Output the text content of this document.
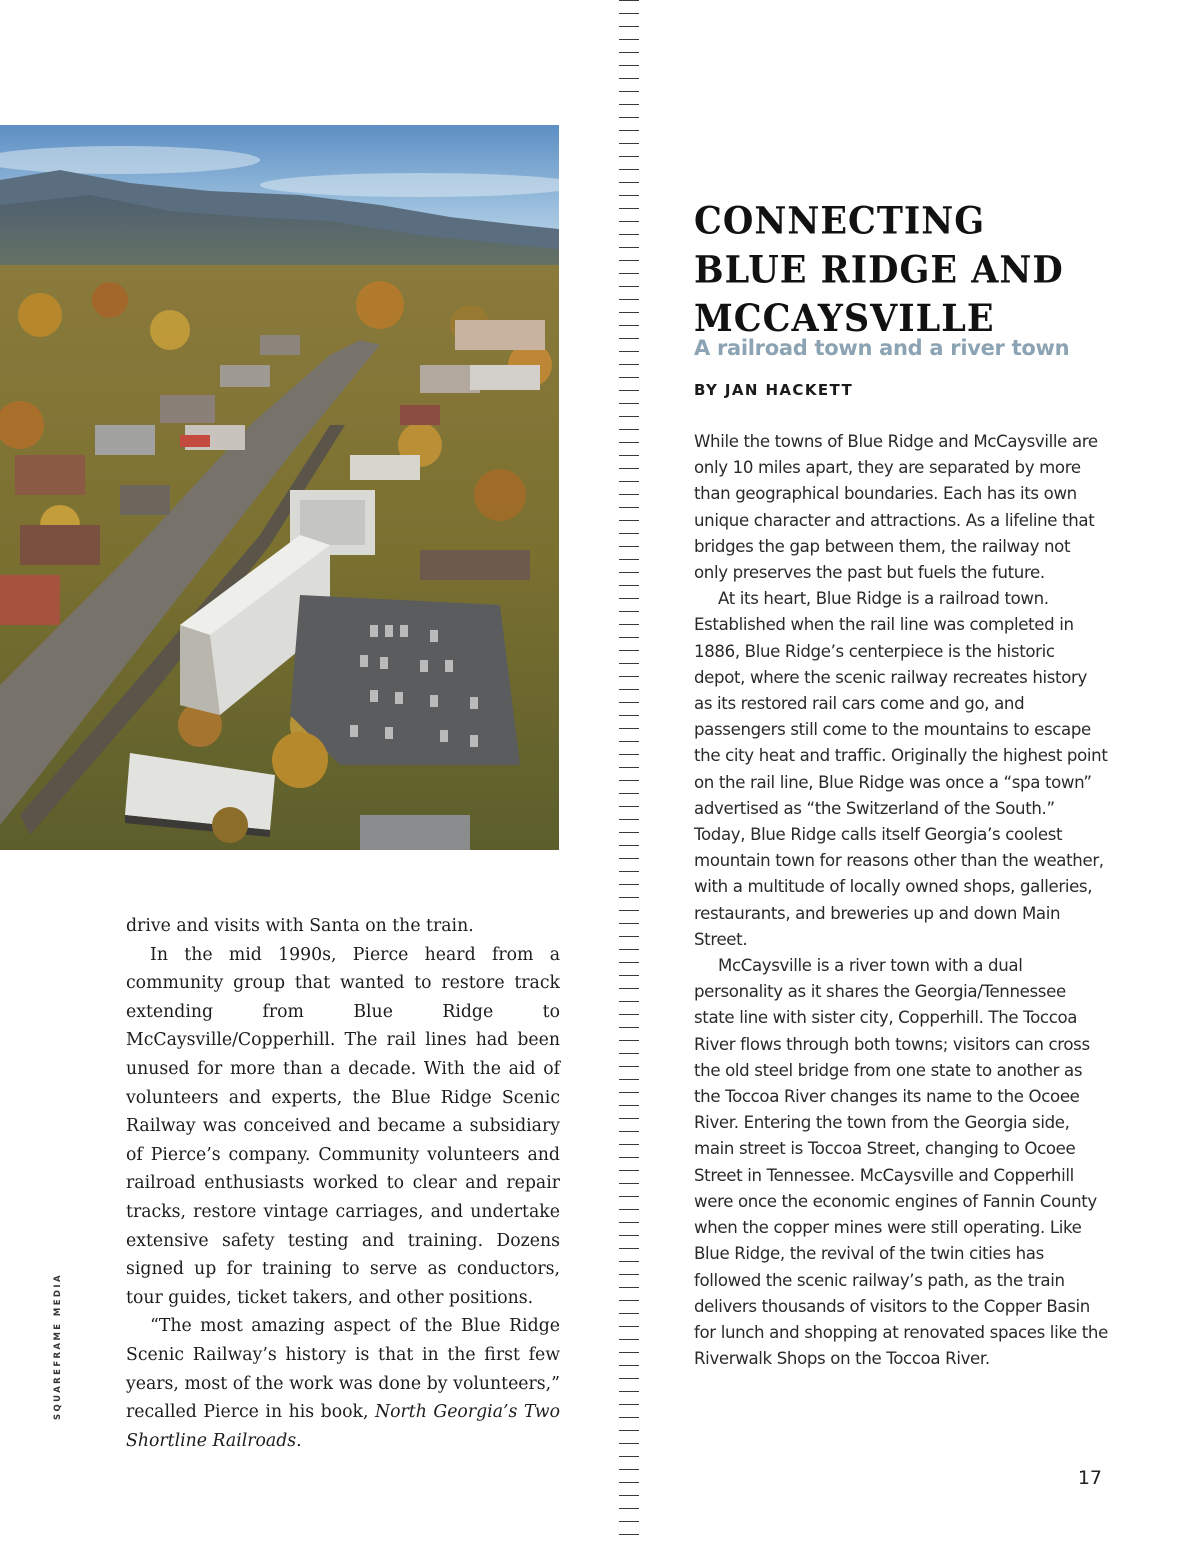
SQUAREFRAME MEDIA

drive and visits with Santa on the train.

In the mid 1990s, Pierce heard from a community group that wanted to restore track extending from Blue Ridge to McCaysville/Copperhill. The rail lines had been unused for more than a decade. With the aid of volunteers and experts, the Blue Ridge Scenic Railway was conceived and became a subsidiary of Pierce’s company. Community volunteers and railroad enthusiasts worked to clear and repair tracks, restore vintage carriages, and undertake extensive safety testing and training. Dozens signed up for training to serve as conductors, tour guides, ticket takers, and other positions.

“The most amazing aspect of the Blue Ridge Scenic Railway’s history is that in the first few years, most of the work was done by volunteers,” recalled Pierce in his book, North Georgia’s Two Shortline Railroads.

CONNECTING
BLUE RIDGE AND
MCCAYSVILLE
A railroad town and a river town
BY JAN HACKETT

While the towns of Blue Ridge and McCaysville are only 10 miles apart, they are separated by more than geographical boundaries. Each has its own unique character and attractions. As a lifeline that bridges the gap between them, the railway not only preserves the past but fuels the future.

At its heart, Blue Ridge is a railroad town. Established when the rail line was completed in 1886, Blue Ridge’s centerpiece is the historic depot, where the scenic railway recreates history as its restored rail cars come and go, and passengers still come to the mountains to escape the city heat and traffic. Originally the highest point on the rail line, Blue Ridge was once a “spa town” advertised as “the Switzerland of the South.” Today, Blue Ridge calls itself Georgia’s coolest mountain town for reasons other than the weather, with a multitude of locally owned shops, galleries, restaurants, and breweries up and down Main Street.

McCaysville is a river town with a dual personality as it shares the Georgia/Tennessee state line with sister city, Copperhill. The Toccoa River flows through both towns; visitors can cross the old steel bridge from one state to another as the Toccoa River changes its name to the Ocoee River. Entering the town from the Georgia side, main street is Toccoa Street, changing to Ocoee Street in Tennessee. McCaysville and Copperhill were once the economic engines of Fannin County when the copper mines were still operating. Like Blue Ridge, the revival of the twin cities has followed the scenic railway’s path, as the train delivers thousands of visitors to the Copper Basin for lunch and shopping at renovated spaces like the Riverwalk Shops on the Toccoa River.

17
